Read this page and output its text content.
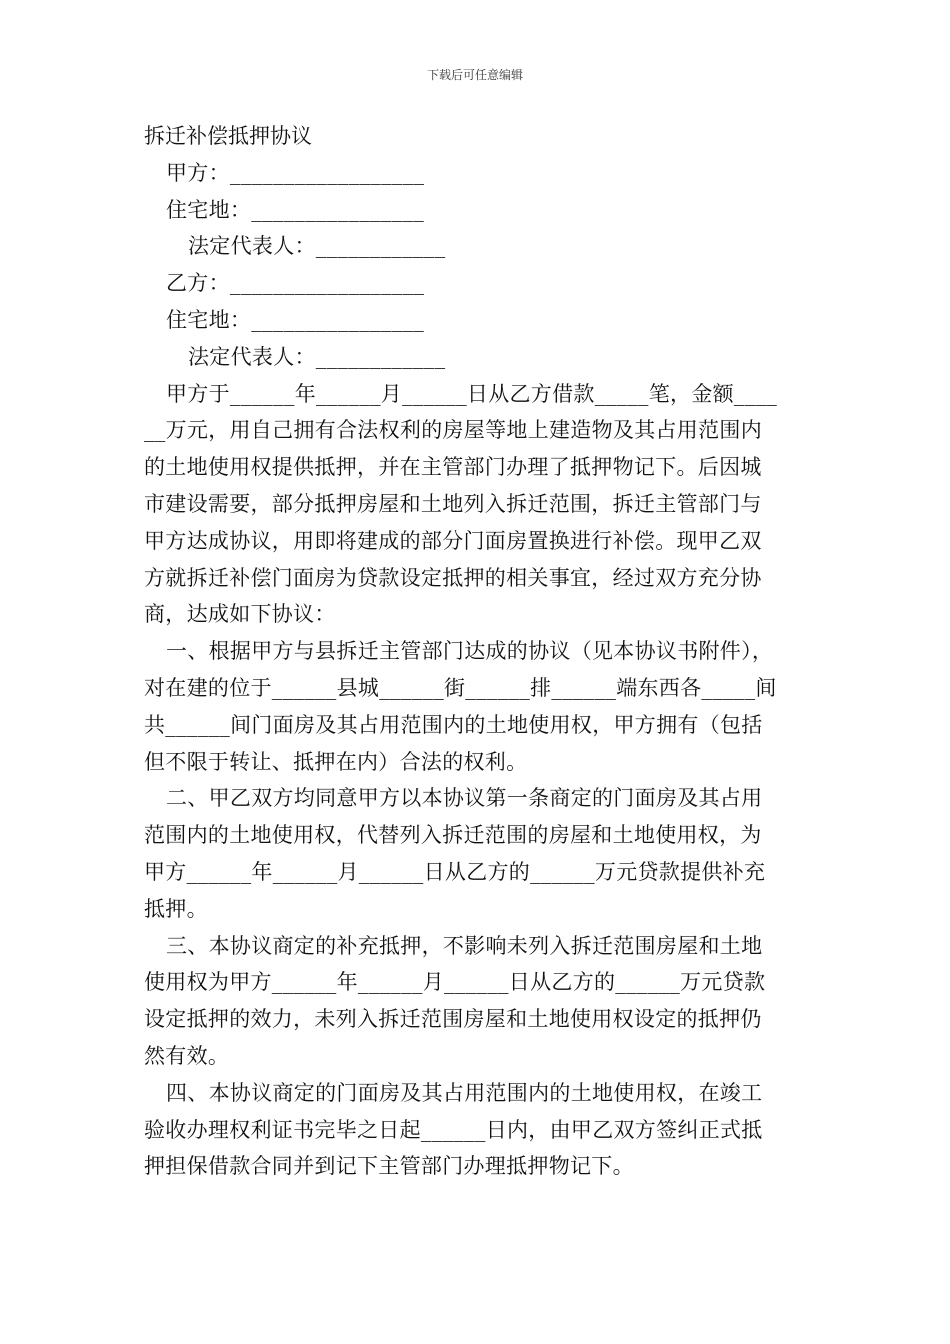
下载后可任意编辑
拆迁补偿抵押协议
甲方：__________________
住宅地：________________
法定代表人：____________
乙方：__________________
住宅地：________________
法定代表人：____________
甲方于______年______月______日从乙方借款_____笔，金额____
__万元，用自己拥有合法权利的房屋等地上建造物及其占用范围内
的土地使用权提供抵押，并在主管部门办理了抵押物记下。后因城
市建设需要，部分抵押房屋和土地列入拆迁范围，拆迁主管部门与
甲方达成协议，用即将建成的部分门面房置换进行补偿。现甲乙双
方就拆迁补偿门面房为贷款设定抵押的相关事宜，经过双方充分协
商，达成如下协议：
一、根据甲方与县拆迁主管部门达成的协议（见本协议书附件），
对在建的位于______县城______街______排______端东西各_____间
共______间门面房及其占用范围内的土地使用权，甲方拥有（包括
但不限于转让、抵押在内）合法的权利。
二、甲乙双方均同意甲方以本协议第一条商定的门面房及其占用
范围内的土地使用权，代替列入拆迁范围的房屋和土地使用权，为
甲方______年______月______日从乙方的______万元贷款提供补充
抵押。
三、本协议商定的补充抵押，不影响未列入拆迁范围房屋和土地
使用权为甲方______年______月______日从乙方的______万元贷款
设定抵押的效力，未列入拆迁范围房屋和土地使用权设定的抵押仍
然有效。
四、本协议商定的门面房及其占用范围内的土地使用权，在竣工
验收办理权利证书完毕之日起______日内，由甲乙双方签纠正式抵
押担保借款合同并到记下主管部门办理抵押物记下。
